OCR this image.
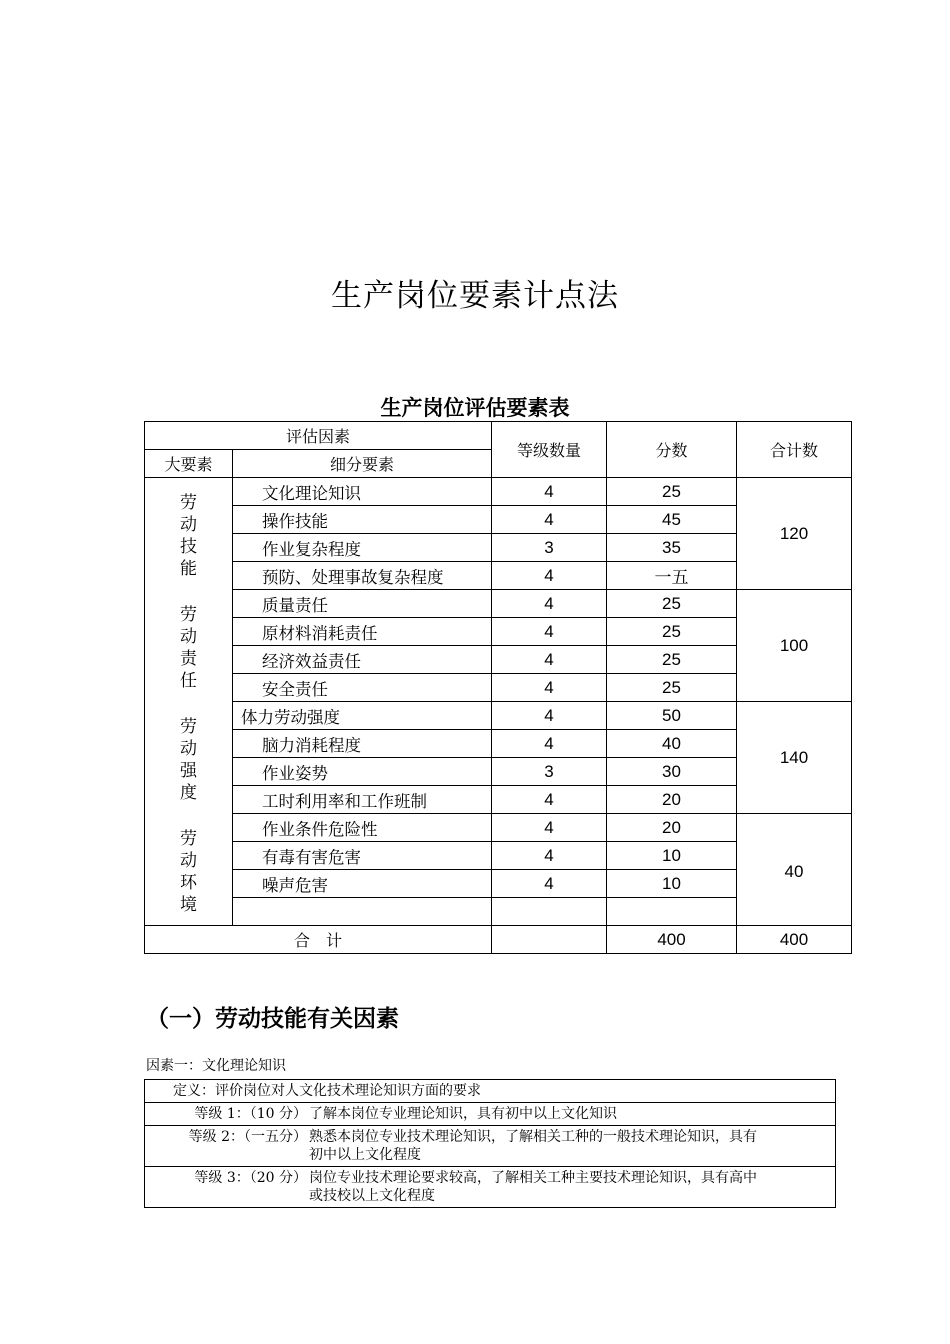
生产岗位要素计点法
生产岗位评估要素表
评估因素		等级数量	分数	合计数
大要素	细分要素			
劳动技能	文化理论知识	4	25	120
	操作技能	4	45	
	作业复杂程度	3	35	
	预防、处理事故复杂程度	4	一五	
劳动责任	质量责任	4	25	100
	原材料消耗责任	4	25	
	经济效益责任	4	25	
	安全责任	4	25	
劳动强度	体力劳动强度	4	50	140
	脑力消耗程度	4	40	
	作业姿势	3	30	
	工时利用率和工作班制	4	20	
劳动环境	作业条件危险性	4	20	40
	有毒有害危害	4	10	
	噪声危害	4	10	

合　计			400	400
（一）劳动技能有关因素
因素一：文化理论知识
定义：评价岗位对人文化技术理论知识方面的要求

等级 1：（10 分） 了解本岗位专业理论知识，具有初中以上文化知识

等级 2：（一五分） 熟悉本岗位专业技术理论知识，了解相关工种的一般技术理论知识，具有初中以上文化程度

等级 3：（20 分） 岗位专业技术理论要求较高，了解相关工种主要技术理论知识，具有高中或技校以上文化程度
